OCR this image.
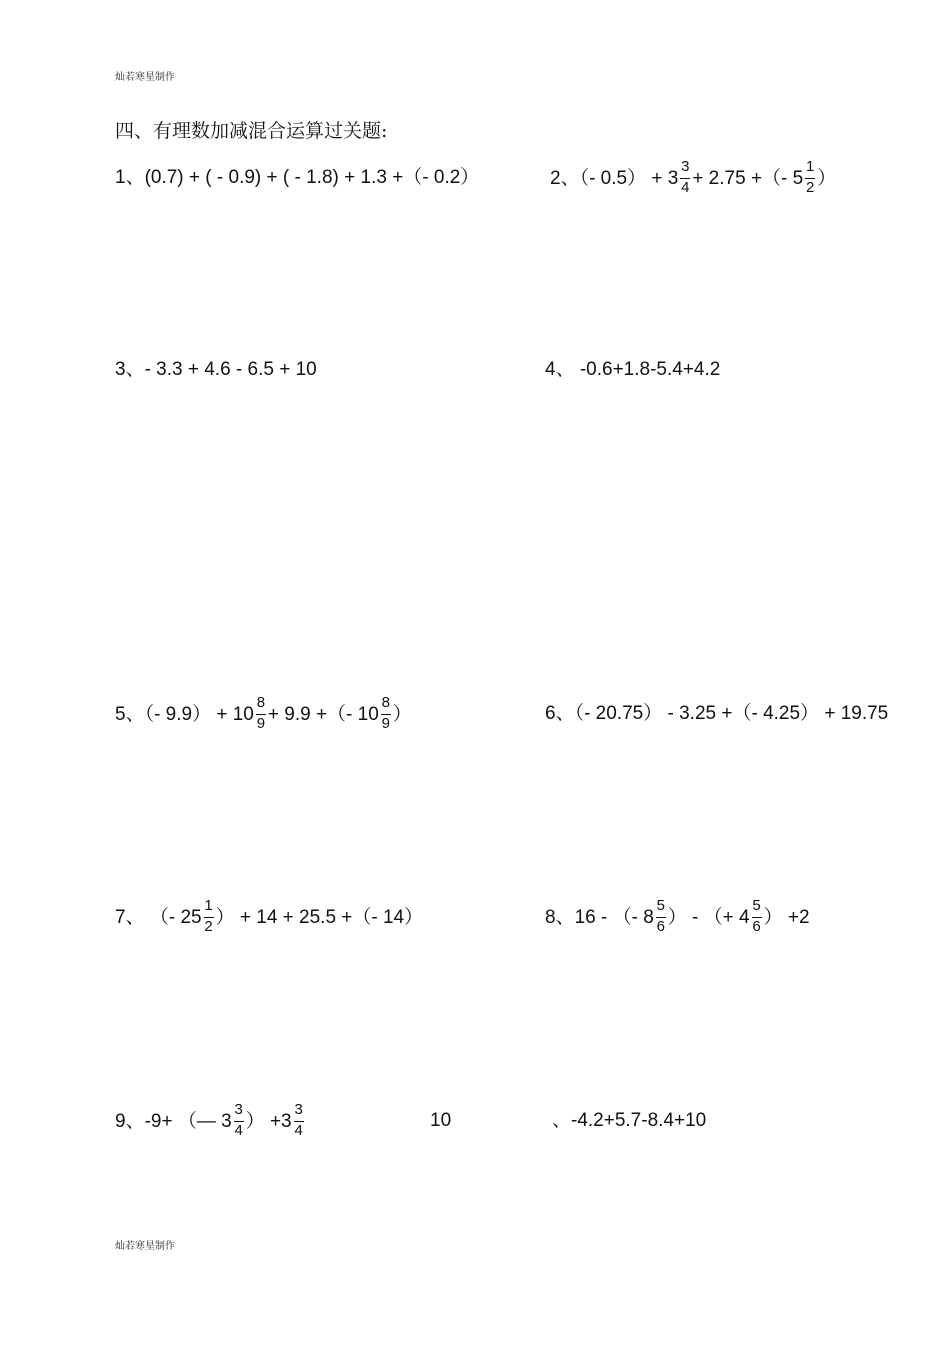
灿若寒星制作
四、有理数加减混合运算过关题:
1、(0.7) + ( - 0.9) + ( - 1.8) + 1.3 +（- 0.2）	2、（- $0.5) + 3 \frac{3}{4} + 2.75$ +（- $5 \frac{1}{2}$ ）
3、- 3.3 + 4.6 - 6.5 + 10	4、 -0.6+1.8-5.4+4.2
5、（- $9.9) + 10 \frac{8}{9} + 9.9$ +（- $10 \frac{8}{9}$ ）	6、（- 20.75） - 3.25 +（- 4.25） + 19.75
7、 （- $25 \frac{1}{2}$ ） + 14 + 25.5 +（- 14）	8、16 - （- $8 \frac{5}{6}$ ） - （+ $4 \frac{5}{6}$ ） +2
9、-9+ （— $3 \frac{3}{4}$ ） $+3 \frac{3}{4}$	10	、-4.2+5.7-8.4+10
灿若寒星制作
